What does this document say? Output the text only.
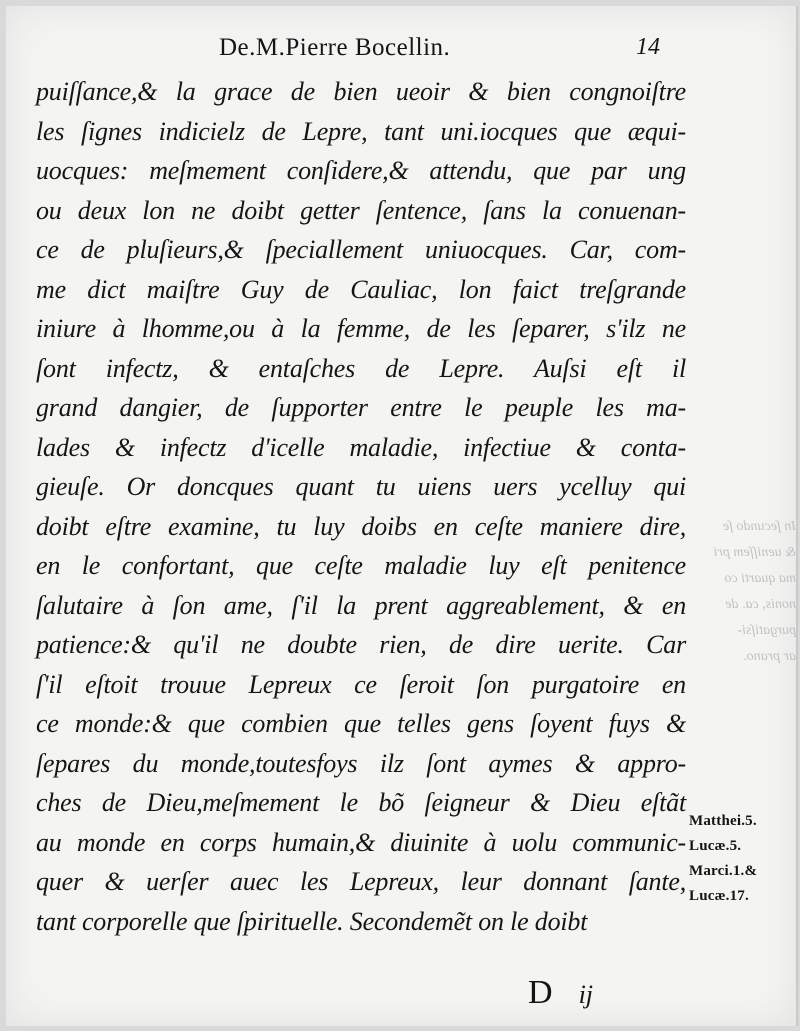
De.M.Pierre Bocellin.	14
puiſſance,& la grace de bien ueoir & bien congnoiſtre
les ſignes indicielz de Lepre, tant uni.iocques que æqui-
uocques: meſmement conſidere,& attendu, que par ung
ou deux lon ne doibt getter ſentence, ſans la conuenan-
ce de pluſieurs,& ſpeciallement uniuocques. Car, com-
me dict maiſtre Guy de Cauliac, lon faict treſgrande
iniure à lhomme,ou à la femme, de les ſeparer, s'ilz ne
ſont infectz, & entaſches de Lepre. Auſsi eſt il
grand dangier, de ſupporter entre le peuple les ma-
lades & infectz d'icelle maladie, infectiue & conta-
gieuſe. Or doncques quant tu uiens uers ycelluy qui
doibt eſtre examine, tu luy doibs en ceſte maniere dire,
en le confortant, que ceſte maladie luy eſt penitence
ſalutaire à ſon ame, ſ'il la prent aggreablement, & en
patience:& qu'il ne doubte rien, de dire uerite. Car
ſ'il eſtoit trouue Lepreux ce ſeroit ſon purgatoire en
ce monde:& que combien que telles gens ſoyent fuys &
ſepares du monde,toutesfoys ilz ſont aymes & appro-
ches de Dieu,meſmement le bõ ſeigneur & Dieu eſtãt
au monde en corps humain,& diuinite à uolu communic-
quer & uerſer auec les Lepreux, leur donnant ſante,
tant corporelle que ſpirituelle. Secondemẽt on le doibt
In ſecundo ſe
& ueniſſem pri
ma quarti co
nonis, ca. de
purgatiſsi-
ar prano.
Matthei.5.
Lucæ.5.
Marci.1.&
Lucæ.17.
D ij
